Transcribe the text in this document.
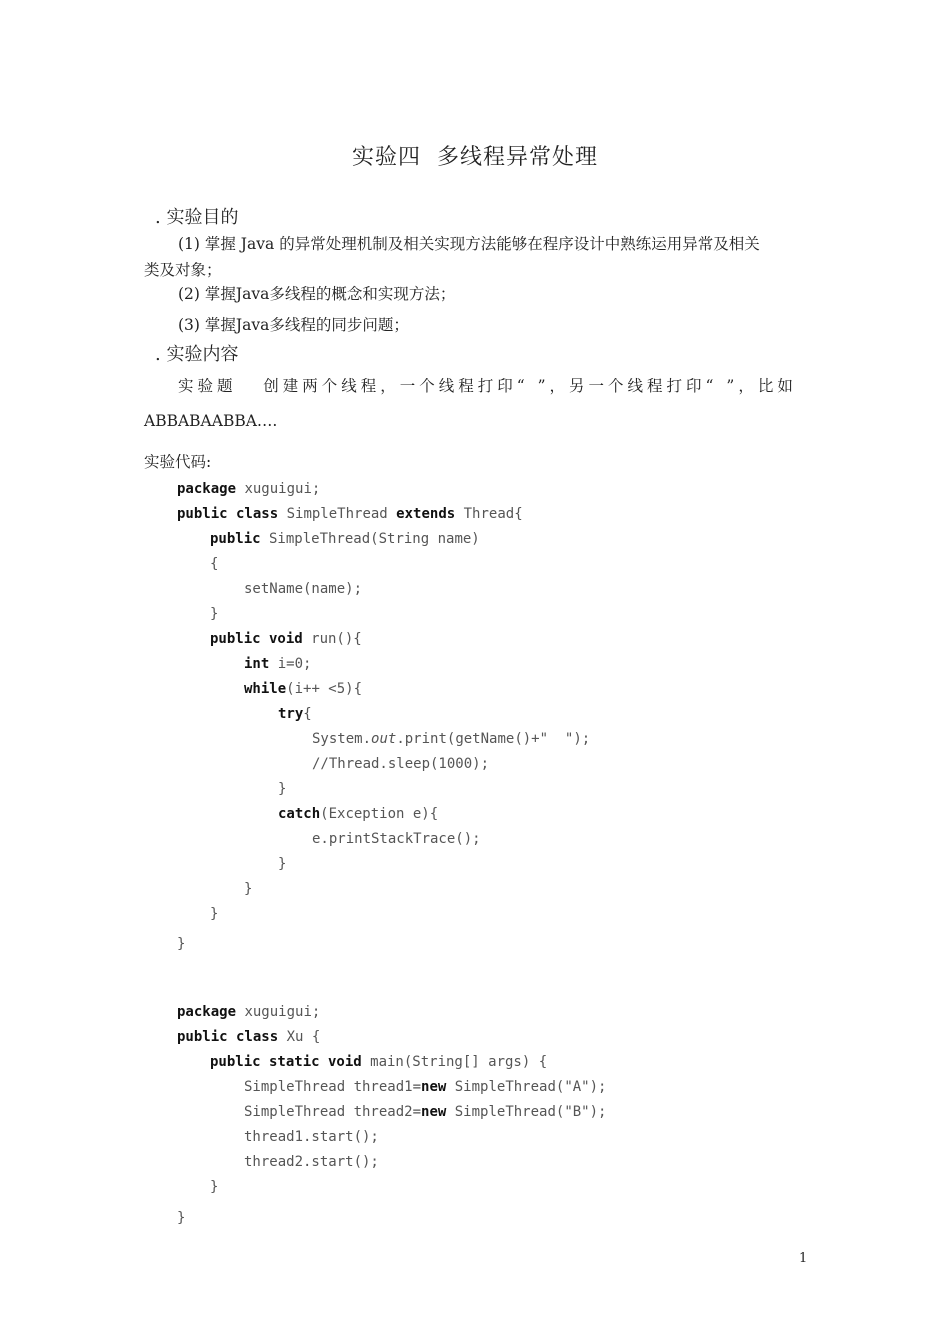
实验四  多线程异常处理
. 实验目的
(1) 掌握 Java 的异常处理机制及相关实现方法能够在程序设计中熟练运用异常及相关
类及对象；
(2) 掌握Java多线程的概念和实现方法；
(3) 掌握Java多线程的同步问题；
. 实验内容
实验题   创建两个线程，一个线程打印“ ”，另一个线程打印“ ”，比如
ABBABAABBA….
实验代码:
package xuguigui;
public class SimpleThread extends Thread{
public SimpleThread(String name)
{
setName(name);
}
public void run(){
int i=0;
while(i++ <5){
try{
System.out.print(getName()+"  ");
//Thread.sleep(1000);
}
catch(Exception e){
e.printStackTrace();
}
}
}
}
package xuguigui;
public class Xu {
public static void main(String[] args) {
SimpleThread thread1=new SimpleThread("A");
SimpleThread thread2=new SimpleThread("B");
thread1.start();
thread2.start();
}
}
1
